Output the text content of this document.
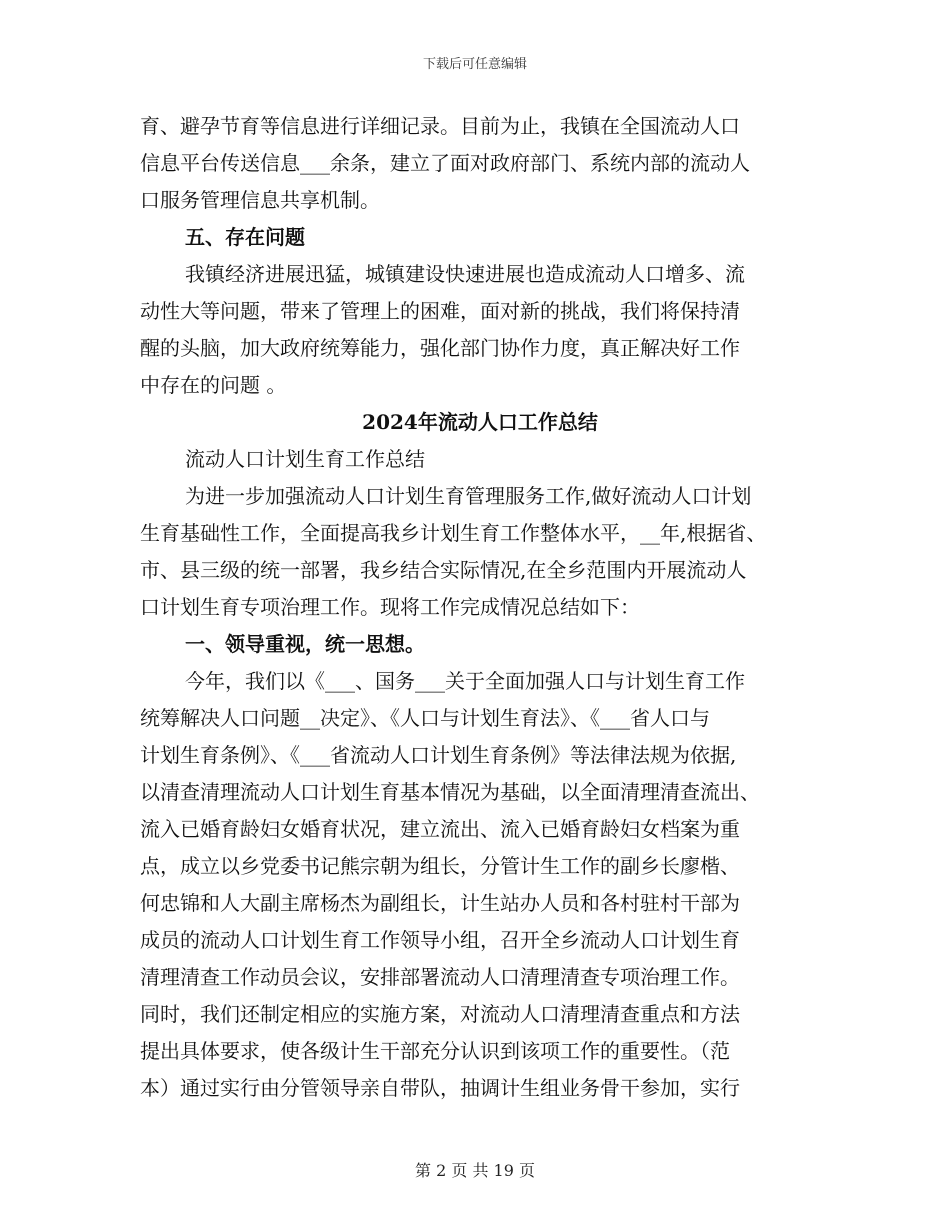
下载后可任意编辑
育、避孕节育等信息进行详细记录。目前为止，我镇在全国流动人口
信息平台传送信息___余条，建立了面对政府部门、系统内部的流动人
口服务管理信息共享机制。
五、存在问题
我镇经济进展迅猛，城镇建设快速进展也造成流动人口增多、流
动性大等问题，带来了管理上的困难，面对新的挑战，我们将保持清
醒的头脑，加大政府统筹能力，强化部门协作力度，真正解决好工作
中存在的问题 。
2024年流动人口工作总结
流动人口计划生育工作总结
为进一步加强流动人口计划生育管理服务工作,做好流动人口计划
生育基础性工作，全面提高我乡计划生育工作整体水平，__年,根据省、
市、县三级的统一部署，我乡结合实际情况,在全乡范围内开展流动人
口计划生育专项治理工作。现将工作完成情况总结如下：
一、领导重视，统一思想。
今年，我们以《___、国务___关于全面加强人口与计划生育工作
统筹解决人口问题__决定》、《人口与计划生育法》、《___省人口与
计划生育条例》、《___省流动人口计划生育条例》等法律法规为依据,
以清查清理流动人口计划生育基本情况为基础，以全面清理清查流出、
流入已婚育龄妇女婚育状况，建立流出、流入已婚育龄妇女档案为重
点，成立以乡党委书记熊宗朝为组长，分管计生工作的副乡长廖楷、
何忠锦和人大副主席杨杰为副组长，计生站办人员和各村驻村干部为
成员的流动人口计划生育工作领导小组，召开全乡流动人口计划生育
清理清查工作动员会议，安排部署流动人口清理清查专项治理工作。
同时，我们还制定相应的实施方案，对流动人口清理清查重点和方法
提出具体要求，使各级计生干部充分认识到该项工作的重要性。（范
本）通过实行由分管领导亲自带队，抽调计生组业务骨干参加，实行
第 2 页 共 19 页
